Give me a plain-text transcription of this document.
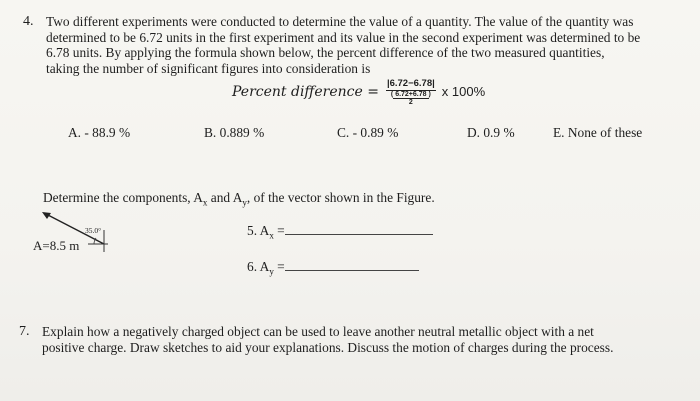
4. Two different experiments were conducted to determine the value of a quantity. The value of the quantity was
determined to be 6.72 units in the first experiment and its value in the second experiment was determined to be
6.78 units. By applying the formula shown below, the percent difference of the two measured quantities,
taking the number of significant figures into consideration is
Percent difference = |6.72−6.78|
( 6.72+6.78 )
2 x 100%
A. - 88.9 %	B. 0.889 %	C. - 0.89 %	D. 0.9 %	E. None of these
Determine the components, $A_x$ and $A_y$, of the vector shown in the Figure.
35.0°
A=8.5 m
5. $A_x$ =
6. $A_y$ =
7. Explain how a negatively charged object can be used to leave another neutral metallic object with a net
positive charge. Draw sketches to aid your explanations. Discuss the motion of charges during the process.
